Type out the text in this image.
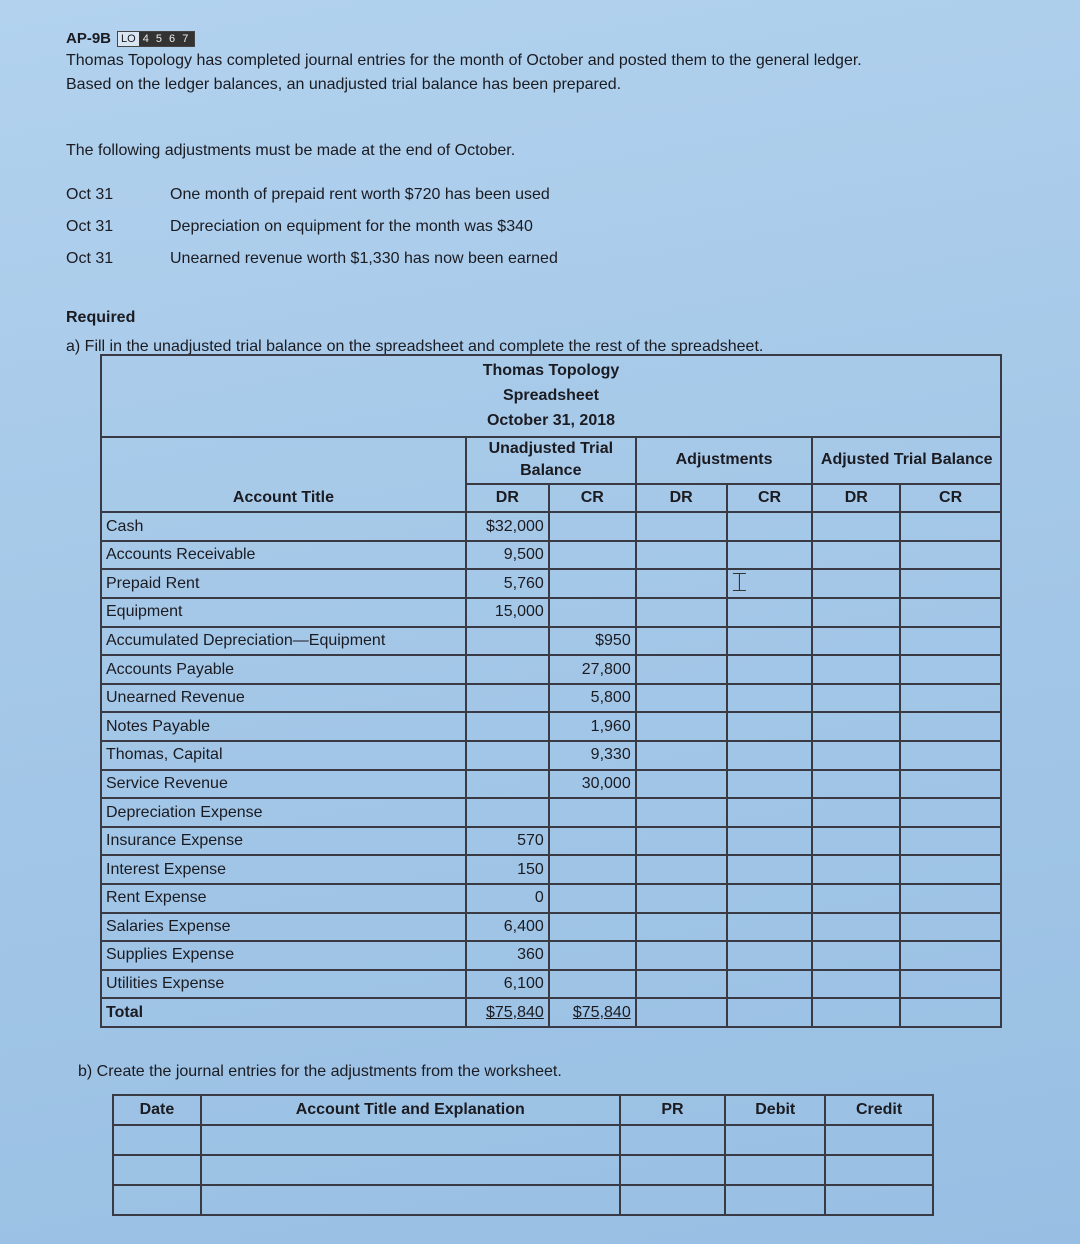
AP-9B LO 4 5 6 7
Thomas Topology has completed journal entries for the month of October and posted them to the general ledger.
Based on the ledger balances, an unadjusted trial balance has been prepared.
The following adjustments must be made at the end of October.
Oct 31	One month of prepaid rent worth $720 has been used
Oct 31	Depreciation on equipment for the month was $340
Oct 31	Unearned revenue worth $1,330 has now been earned
Required
a) Fill in the unadjusted trial balance on the spreadsheet and complete the rest of the spreadsheet.
Thomas Topology
Spreadsheet
October 31, 2018						

Account Title	Unadjusted Trial Balance		Adjustments		Adjusted Trial Balance	
	DR	CR	DR	CR	DR	CR
Cash	$32,000					
Accounts Receivable	9,500					
Prepaid Rent	5,760			⌶		
Equipment	15,000					
Accumulated Depreciation—Equipment		$950				
Accounts Payable		27,800				
Unearned Revenue		5,800				
Notes Payable		1,960				
Thomas, Capital		9,330				
Service Revenue		30,000				
Depreciation Expense						
Insurance Expense	570					
Interest Expense	150					
Rent Expense	0					
Salaries Expense	6,400					
Supplies Expense	360					
Utilities Expense	6,100					
Total	$75,840	$75,840				
b) Create the journal entries for the adjustments from the worksheet.
Date	Account Title and Explanation	PR	Debit	Credit
